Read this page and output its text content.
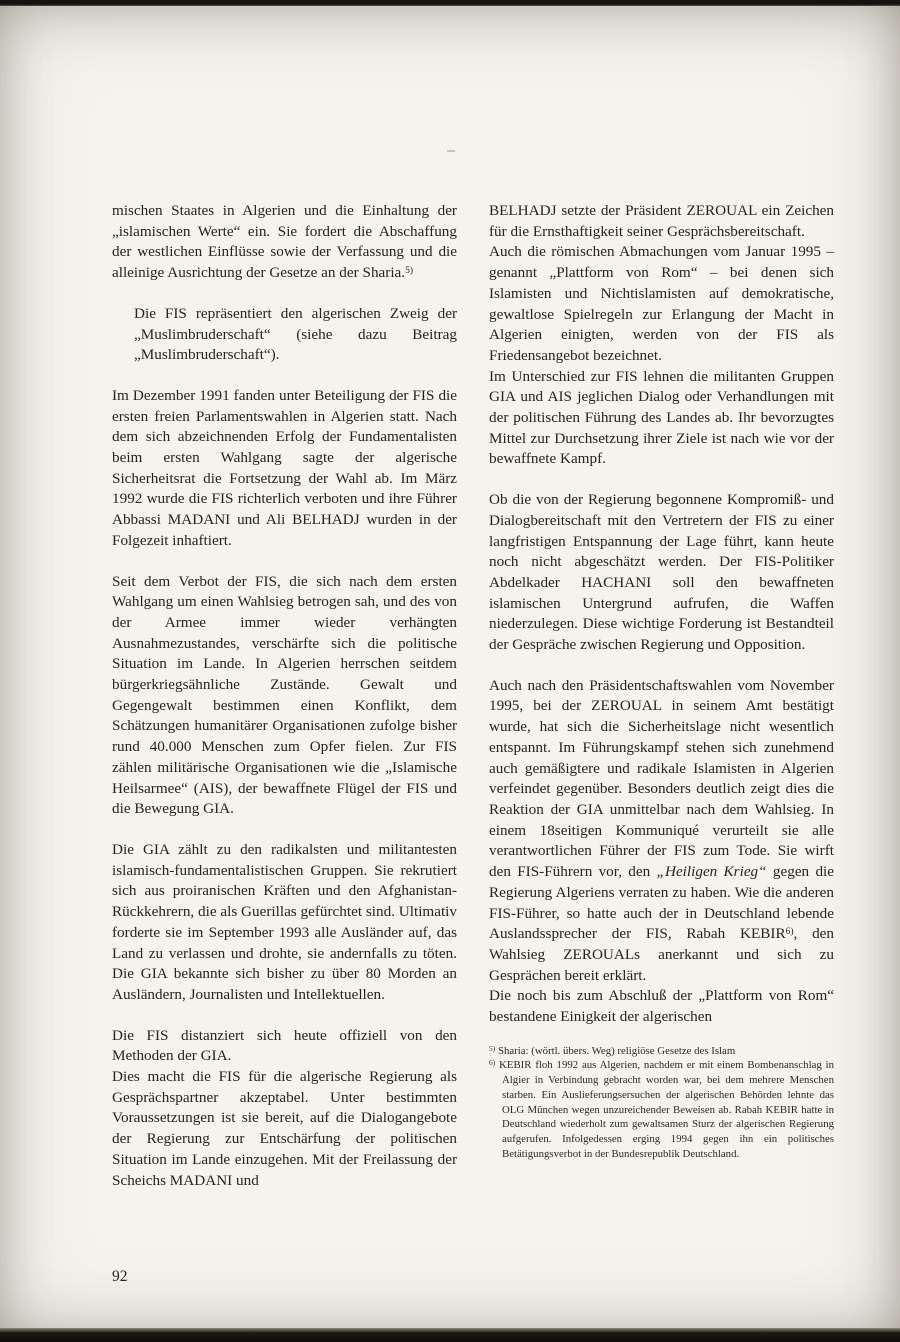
mischen Staates in Algerien und die Einhaltung der „islamischen Werte“ ein. Sie fordert die Abschaffung der westlichen Einflüsse sowie der Verfassung und die alleinige Ausrichtung der Gesetze an der Sharia.$^{5)}$

Die FIS repräsentiert den algerischen Zweig der „Muslimbruderschaft“ (siehe dazu Beitrag „Muslimbruderschaft“).

Im Dezember 1991 fanden unter Beteiligung der FIS die ersten freien Parlamentswahlen in Algerien statt. Nach dem sich abzeichnenden Erfolg der Fundamentalisten beim ersten Wahlgang sagte der algerische Sicherheitsrat die Fortsetzung der Wahl ab. Im März 1992 wurde die FIS richterlich verboten und ihre Führer Abbassi MADANI und Ali BELHADJ wurden in der Folgezeit inhaftiert.

Seit dem Verbot der FIS, die sich nach dem ersten Wahlgang um einen Wahlsieg betrogen sah, und des von der Armee immer wieder verhängten Ausnahmezustandes, verschärfte sich die politische Situation im Lande. In Algerien herrschen seitdem bürgerkriegsähnliche Zustände. Gewalt und Gegengewalt bestimmen einen Konflikt, dem Schätzungen humanitärer Organisationen zufolge bisher rund 40.000 Menschen zum Opfer fielen. Zur FIS zählen militärische Organisationen wie die „Islamische Heilsarmee“ (AIS), der bewaffnete Flügel der FIS und die Bewegung GIA.

Die GIA zählt zu den radikalsten und militantesten islamisch-fundamentalistischen Gruppen. Sie rekrutiert sich aus proiranischen Kräften und den Afghanistan-Rückkehrern, die als Guerillas gefürchtet sind. Ultimativ forderte sie im September 1993 alle Ausländer auf, das Land zu verlassen und drohte, sie andernfalls zu töten. Die GIA bekannte sich bisher zu über 80 Morden an Ausländern, Journalisten und Intellektuellen.

Die FIS distanziert sich heute offiziell von den Methoden der GIA.

Dies macht die FIS für die algerische Regierung als Gesprächspartner akzeptabel. Unter bestimmten Voraussetzungen ist sie bereit, auf die Dialogangebote der Regierung zur Entschärfung der politischen Situation im Lande einzugehen. Mit der Freilassung der Scheichs MADANI und

BELHADJ setzte der Präsident ZEROUAL ein Zeichen für die Ernsthaftigkeit seiner Gesprächsbereitschaft.

Auch die römischen Abmachungen vom Januar 1995 – genannt „Plattform von Rom“ – bei denen sich Islamisten und Nichtislamisten auf demokratische, gewaltlose Spielregeln zur Erlangung der Macht in Algerien einigten, werden von der FIS als Friedensangebot bezeichnet.

Im Unterschied zur FIS lehnen die militanten Gruppen GIA und AIS jeglichen Dialog oder Verhandlungen mit der politischen Führung des Landes ab. Ihr bevorzugtes Mittel zur Durchsetzung ihrer Ziele ist nach wie vor der bewaffnete Kampf.

Ob die von der Regierung begonnene Kompromiß- und Dialogbereitschaft mit den Vertretern der FIS zu einer langfristigen Entspannung der Lage führt, kann heute noch nicht abgeschätzt werden. Der FIS-Politiker Abdelkader HACHANI soll den bewaffneten islamischen Untergrund aufrufen, die Waffen niederzulegen. Diese wichtige Forderung ist Bestandteil der Gespräche zwischen Regierung und Opposition.

Auch nach den Präsidentschaftswahlen vom November 1995, bei der ZEROUAL in seinem Amt bestätigt wurde, hat sich die Sicherheitslage nicht wesentlich entspannt. Im Führungskampf stehen sich zunehmend auch gemäßigtere und radikale Islamisten in Algerien verfeindet gegenüber. Besonders deutlich zeigt dies die Reaktion der GIA unmittelbar nach dem Wahlsieg. In einem 18seitigen Kommuniqué verurteilt sie alle verantwortlichen Führer der FIS zum Tode. Sie wirft den FIS-Führern vor, den „Heiligen Krieg“ gegen die Regierung Algeriens verraten zu haben. Wie die anderen FIS-Führer, so hatte auch der in Deutschland lebende Auslandssprecher der FIS, Rabah KEBIR$^{6)}$, den Wahlsieg ZEROUALs anerkannt und sich zu Gesprächen bereit erklärt.

Die noch bis zum Abschluß der „Plattform von Rom“ bestandene Einigkeit der algerischen

$^{5)}$ Sharia: (wörtl. übers. Weg) religiöse Gesetze des Islam
$^{6)}$ KEBIR floh 1992 aus Algerien, nachdem er mit einem Bombenanschlag in Algier in Verbindung gebracht worden war, bei dem mehrere Menschen starben. Ein Auslieferungsersuchen der algerischen Behörden lehnte das OLG München wegen unzureichender Beweisen ab. Rabah KEBIR hatte in Deutschland wiederholt zum gewaltsamen Sturz der algerischen Regierung aufgerufen. Infolgedessen erging 1994 gegen ihn ein politisches Betätigungsverbot in der Bundesrepublik Deutschland.
92
